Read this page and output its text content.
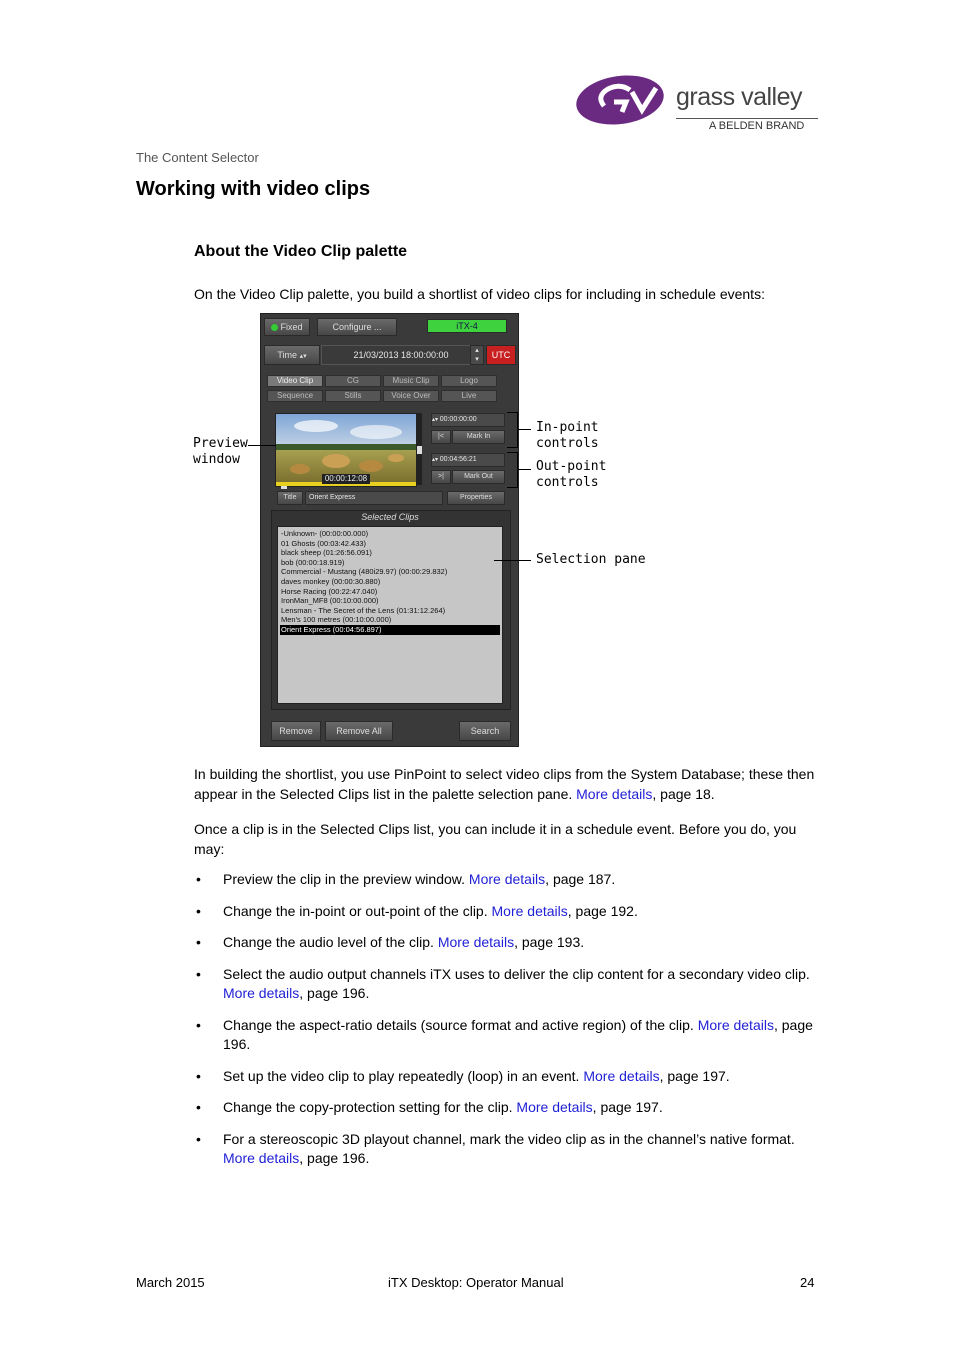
grass valley
A BELDEN BRAND
The Content Selector
Working with video clips
About the Video Clip palette
On the Video Clip palette, you build a shortlist of video clips for including in schedule events:
Fixed	Configure ...	iTX-4
Time ▴▾	21/03/2013 18:00:00:00	▴
▾	UTC
Video Clip	CG	Music Clip	Logo
Sequence	Stills	Voice Over	Live
00:00:12:08
▴▾ 00:00:00:00
|<	Mark In
▴▾ 00:04:56:21
>|	Mark Out
Title	Orient Express	Properties
Selected Clips
-Unknown- (00:00:00.000)
01 Ghosts (00:03:42.433)
black sheep (01:26:56.091)
bob (00:00:18.919)
Commercial - Mustang (480i29.97) (00:00:29.832)
daves monkey (00:00:30.880)
Horse Racing (00:22:47.040)
IronMan_MF8 (00:10:00.000)
Lensman - The Secret of the Lens (01:31:12.264)
Men's 100 metres (00:10:00.000)
Orient Express (00:04:56.897)
Remove	Remove All	Search
Preview
window
In-point
controls
Out-point
controls
Selection pane
In building the shortlist, you use PinPoint to select video clips from the System Database; these then appear in the Selected Clips list in the palette selection pane. More details, page 18.
Once a clip is in the Selected Clips list, you can include it in a schedule event. Before you do, you may:
• Preview the clip in the preview window. More details, page 187.
• Change the in-point or out-point of the clip. More details, page 192.
• Change the audio level of the clip. More details, page 193.
• Select the audio output channels iTX uses to deliver the clip content for a secondary video clip. More details, page 196.
• Change the aspect-ratio details (source format and active region) of the clip. More details, page 196.
• Set up the video clip to play repeatedly (loop) in an event. More details, page 197.
• Change the copy-protection setting for the clip. More details, page 197.
• For a stereoscopic 3D playout channel, mark the video clip as in the channel’s native format. More details, page 196.
March 2015	iTX Desktop: Operator Manual	24
